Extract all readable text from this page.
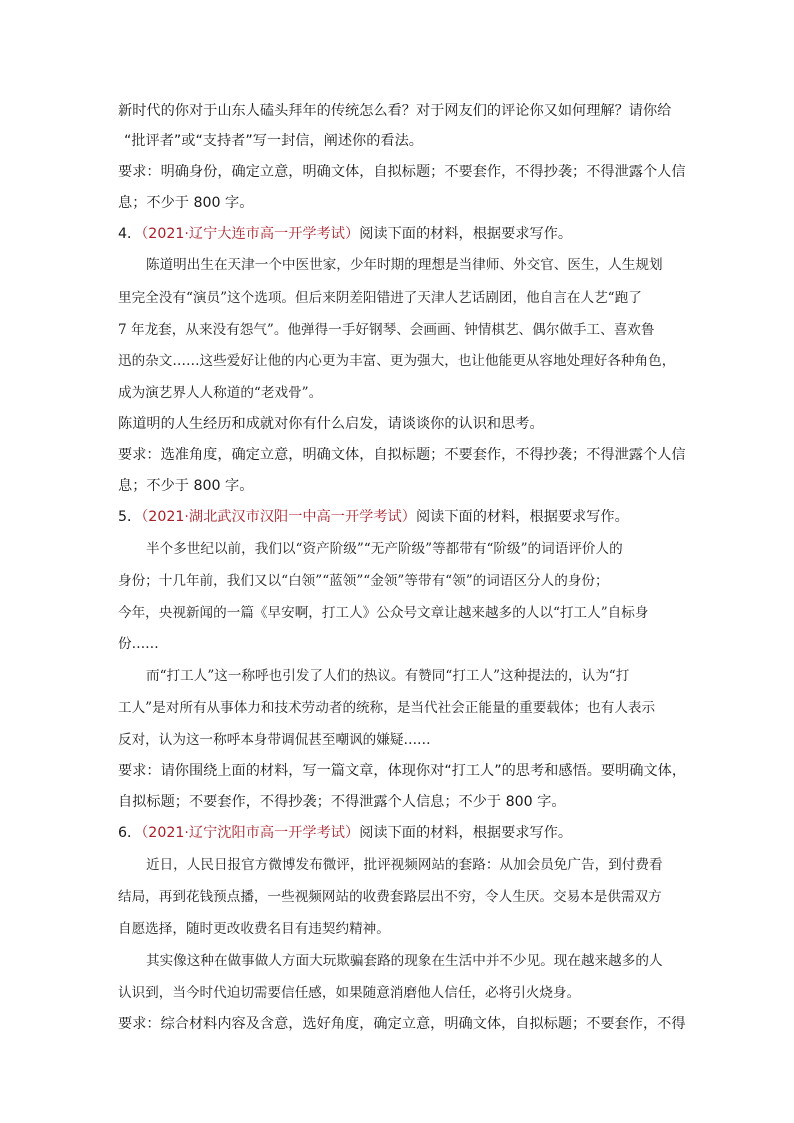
新时代的你对于山东人磕头拜年的传统怎么看？对于网友们的评论你又如何理解？请你给
“批评者”或“支持者”写一封信，阐述你的看法。
要求：明确身份，确定立意，明确文体，自拟标题；不要套作，不得抄袭；不得泄露个人信
息；不少于 800 字。
4．（2021·辽宁大连市高一开学考试）阅读下面的材料，根据要求写作。
陈道明出生在天津一个中医世家，少年时期的理想是当律师、外交官、医生，人生规划
里完全没有“演员”这个选项。但后来阴差阳错进了天津人艺话剧团，他自言在人艺“跑了
7 年龙套，从来没有怨气”。他弹得一手好钢琴、会画画、钟情棋艺、偶尔做手工、喜欢鲁
迅的杂文……这些爱好让他的内心更为丰富、更为强大，也让他能更从容地处理好各种角色，
成为演艺界人人称道的“老戏骨”。
陈道明的人生经历和成就对你有什么启发，请谈谈你的认识和思考。
要求：选准角度，确定立意，明确文体，自拟标题；不要套作，不得抄袭；不得泄露个人信
息；不少于 800 字。
5．（2021·湖北武汉市汉阳一中高一开学考试）阅读下面的材料，根据要求写作。
半个多世纪以前，我们以“资产阶级”“无产阶级”等都带有“阶级”的词语评价人的
身份；十几年前，我们又以“白领”“蓝领”“金领”等带有“领”的词语区分人的身份；
今年，央视新闻的一篇《早安啊，打工人》公众号文章让越来越多的人以“打工人”自标身
份……
而“打工人”这一称呼也引发了人们的热议。有赞同“打工人”这种提法的，认为“打
工人”是对所有从事体力和技术劳动者的统称，是当代社会正能量的重要载体；也有人表示
反对，认为这一称呼本身带调侃甚至嘲讽的嫌疑……
要求：请你围绕上面的材料，写一篇文章，体现你对“打工人”的思考和感悟。要明确文体，
自拟标题；不要套作，不得抄袭；不得泄露个人信息；不少于 800 字。
6．（2021·辽宁沈阳市高一开学考试）阅读下面的材料，根据要求写作。
近日，人民日报官方微博发布微评，批评视频网站的套路：从加会员免广告，到付费看
结局，再到花钱预点播，一些视频网站的收费套路层出不穷，令人生厌。交易本是供需双方
自愿选择，随时更改收费名目有违契约精神。
其实像这种在做事做人方面大玩欺骗套路的现象在生活中并不少见。现在越来越多的人
认识到，当今时代迫切需要信任感，如果随意消磨他人信任，必将引火烧身。
要求：综合材料内容及含意，选好角度，确定立意，明确文体，自拟标题；不要套作，不得
